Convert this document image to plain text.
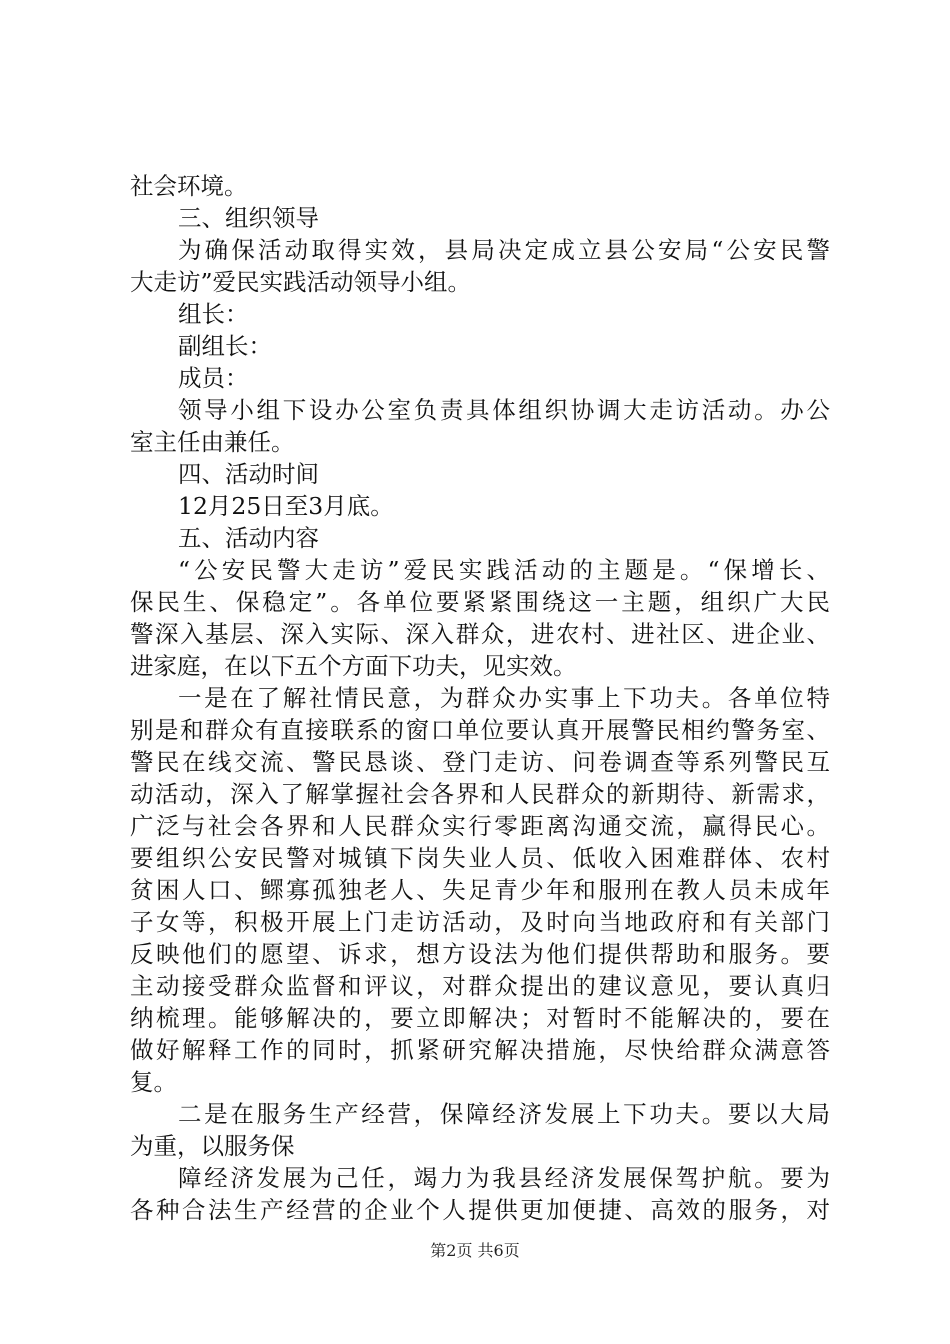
社会环境。
三、组织领导
为确保活动取得实效，县局决定成立县公安局“公安民警
大走访”爱民实践活动领导小组。
组长：
副组长：
成员：
领导小组下设办公室负责具体组织协调大走访活动。办公
室主任由兼任。
四、活动时间
12月25日至3月底。
五、活动内容
“公安民警大走访”爱民实践活动的主题是。“保增长、
保民生、保稳定”。各单位要紧紧围绕这一主题，组织广大民
警深入基层、深入实际、深入群众，进农村、进社区、进企业、
进家庭，在以下五个方面下功夫，见实效。
一是在了解社情民意，为群众办实事上下功夫。各单位特
别是和群众有直接联系的窗口单位要认真开展警民相约警务室、
警民在线交流、警民恳谈、登门走访、问卷调查等系列警民互
动活动，深入了解掌握社会各界和人民群众的新期待、新需求，
广泛与社会各界和人民群众实行零距离沟通交流，赢得民心。
要组织公安民警对城镇下岗失业人员、低收入困难群体、农村
贫困人口、鳏寡孤独老人、失足青少年和服刑在教人员未成年
子女等，积极开展上门走访活动，及时向当地政府和有关部门
反映他们的愿望、诉求，想方设法为他们提供帮助和服务。要
主动接受群众监督和评议，对群众提出的建议意见，要认真归
纳梳理。能够解决的，要立即解决；对暂时不能解决的，要在
做好解释工作的同时，抓紧研究解决措施，尽快给群众满意答
复。
二是在服务生产经营，保障经济发展上下功夫。要以大局
为重，以服务保
障经济发展为己任，竭力为我县经济发展保驾护航。要为
各种合法生产经营的企业个人提供更加便捷、高效的服务，对
第2页 共6页
